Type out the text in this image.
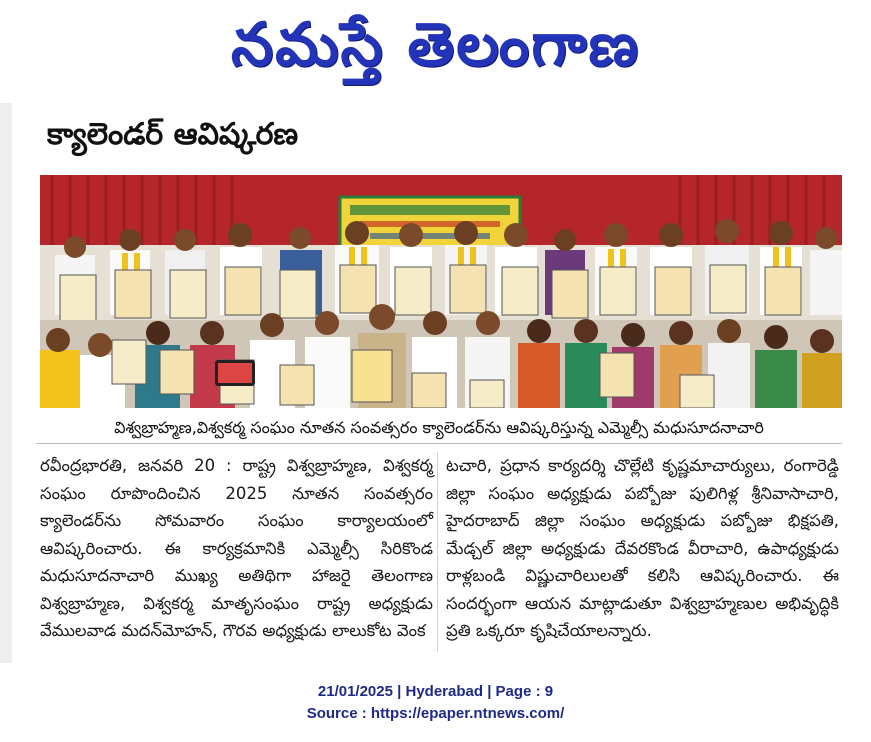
నమస్తే తెలంగాణ
క్యాలెండర్ ఆవిష్కరణ
విశ్వబ్రాహ్మణ,విశ్వకర్మ సంఘం నూతన సంవత్సరం క్యాలెండర్‌ను ఆవిష్కరిస్తున్న ఎమ్మెల్సీ మధుసూదనాచారి

రవీంద్రభారతి, జనవరి 20 : రాష్ట్ర విశ్వబ్రాహ్మణ, విశ్వకర్మ సంఘం రూపొందించిన 2025 నూతన సంవత్సరం క్యాలెండర్‌ను సోమవారం సంఘం కార్యాలయంలో ఆవిష్కరించారు. ఈ కార్యక్రమానికి ఎమ్మెల్సీ సిరికొండ మధుసూదనాచారి ముఖ్య అతిథిగా హాజరై తెలంగాణ విశ్వబ్రాహ్మణ, విశ్వకర్మ మాతృసంఘం రాష్ట్ర అధ్యక్షుడు వేములవాడ మదన్‌మోహన్, గౌరవ అధ్యక్షుడు లాలుకోట వెంక

టచారి, ప్రధాన కార్యదర్శి చొల్లేటి కృష్ణమాచార్యులు, రంగారెడ్డి జిల్లా సంఘం అధ్యక్షుడు పబ్బోజు పులిగిళ్ల శ్రీనివాసాచారి, హైదరాబాద్ జిల్లా సంఘం అధ్యక్షుడు పబ్బోజు భిక్షపతి, మేడ్చల్ జిల్లా అధ్యక్షుడు దేవరకొండ వీరాచారి, ఉపాధ్యక్షుడు రాళ్లబండి విష్ణుచారిలులతో కలిసి ఆవిష్కరించారు. ఈ సందర్భంగా ఆయన మాట్లాడుతూ విశ్వబ్రాహ్మణుల అభివృద్ధికి ప్రతి ఒక్కరూ కృషిచేయాలన్నారు.

21/01/2025 | Hyderabad | Page : 9
Source : https://epaper.ntnews.com/
